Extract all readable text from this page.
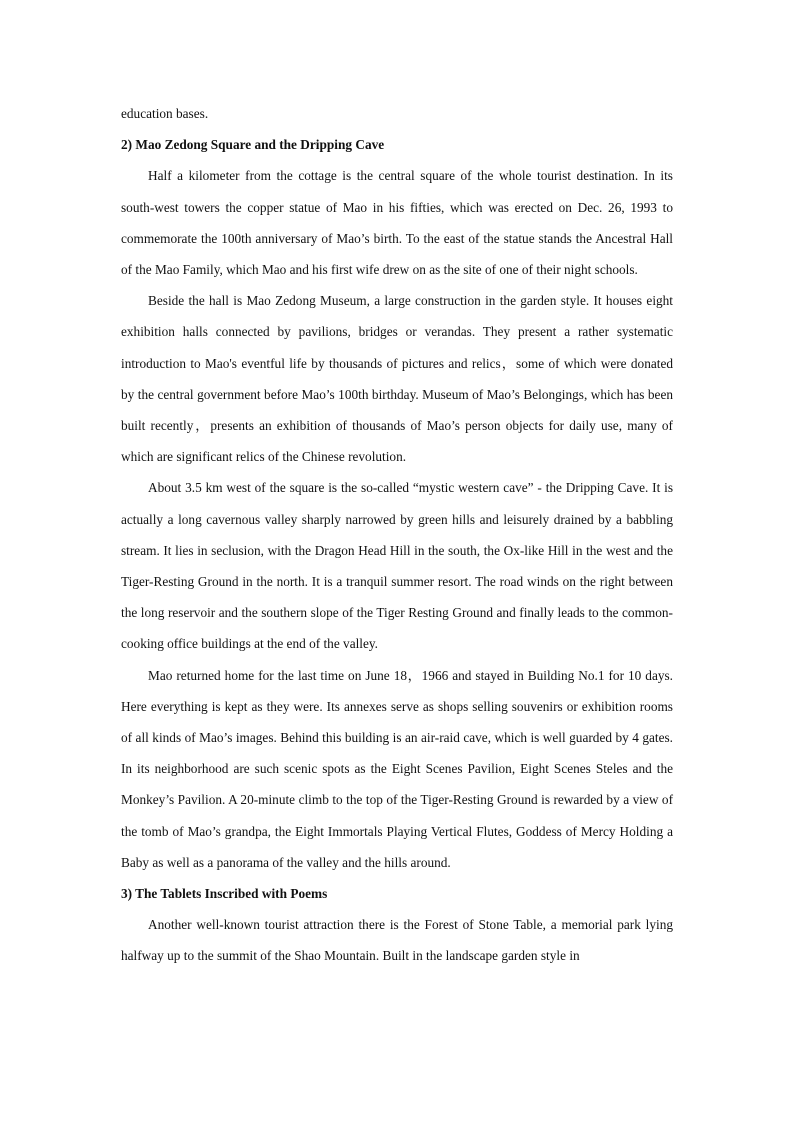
education bases.

2) Mao Zedong Square and the Dripping Cave

Half a kilometer from the cottage is the central square of the whole tourist destination. In its south-west towers the copper statue of Mao in his fifties, which was erected on Dec. 26, 1993 to commemorate the 100th anniversary of Mao’s birth. To the east of the statue stands the Ancestral Hall of the Mao Family, which Mao and his first wife drew on as the site of one of their night schools.

Beside the hall is Mao Zedong Museum, a large construction in the garden style. It houses eight exhibition halls connected by pavilions, bridges or verandas. They present a rather systematic introduction to Mao's eventful life by thousands of pictures and relics，some of which were donated by the central government before Mao’s 100th birthday. Museum of Mao’s Belongings, which has been built recently，presents an exhibition of thousands of Mao’s person objects for daily use, many of which are significant relics of the Chinese revolution.

About 3.5 km west of the square is the so-called “mystic western cave” - the Dripping Cave. It is actually a long cavernous valley sharply narrowed by green hills and leisurely drained by a babbling stream. It lies in seclusion, with the Dragon Head Hill in the south, the Ox-like Hill in the west and the Tiger-Resting Ground in the north. It is a tranquil summer resort. The road winds on the right between the long reservoir and the southern slope of the Tiger Resting Ground and finally leads to the common-cooking office buildings at the end of the valley.

Mao returned home for the last time on June 18，1966 and stayed in Building No.1 for 10 days. Here everything is kept as they were. Its annexes serve as shops selling souvenirs or exhibition rooms of all kinds of Mao’s images. Behind this building is an air-raid cave, which is well guarded by 4 gates. In its neighborhood are such scenic spots as the Eight Scenes Pavilion, Eight Scenes Steles and the Monkey’s Pavilion. A 20-minute climb to the top of the Tiger-Resting Ground is rewarded by a view of the tomb of Mao’s grandpa, the Eight Immortals Playing Vertical Flutes, Goddess of Mercy Holding a Baby as well as a panorama of the valley and the hills around.

3) The Tablets Inscribed with Poems

Another well-known tourist attraction there is the Forest of Stone Table, a memorial park lying halfway up to the summit of the Shao Mountain. Built in the landscape garden style in
